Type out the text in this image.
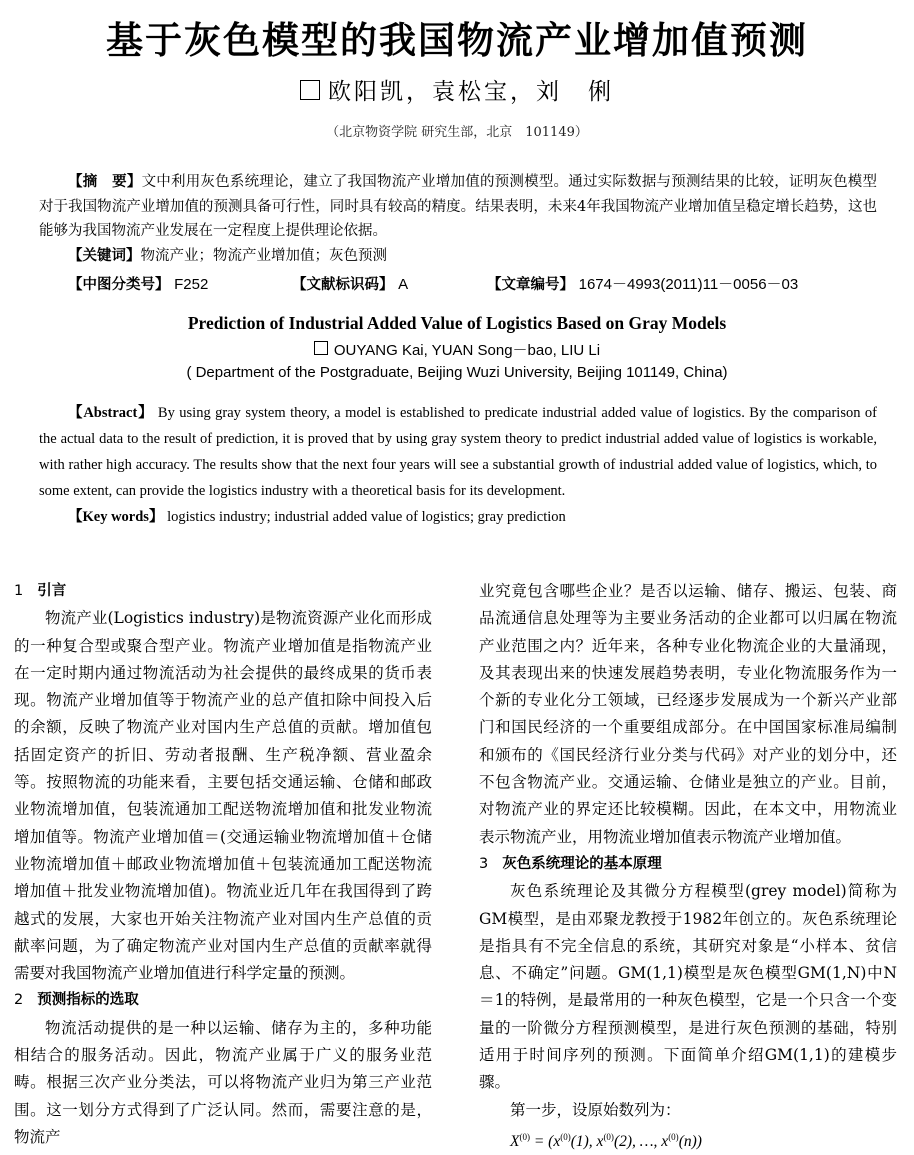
基于灰色模型的我国物流产业增加值预测
欧阳凯，袁松宝，刘　俐
（北京物资学院 研究生部，北京　101149）

【摘　要】文中利用灰色系统理论，建立了我国物流产业增加值的预测模型。通过实际数据与预测结果的比较，证明灰色模型对于我国物流产业增加值的预测具备可行性，同时具有较高的精度。结果表明，未来4年我国物流产业增加值呈稳定增长趋势，这也能够为我国物流产业发展在一定程度上提供理论依据。

【关键词】物流产业；物流产业增加值；灰色预测

【中图分类号】 F252	【文献标识码】 A	【文章编号】 1674－4993(2011)11－0056－03
Prediction of Industrial Added Value of Logistics Based on Gray Models
OUYANG Kai, YUAN Song－bao, LIU Li
( Department of the Postgraduate, Beijing Wuzi University, Beijing 101149, China)

【Abstract】 By using gray system theory, a model is established to predicate industrial added value of logistics. By the comparison of the actual data to the result of prediction, it is proved that by using gray system theory to predict industrial added value of logistics is workable, with rather high accuracy. The results show that the next four years will see a substantial growth of industrial added value of logistics, which, to some extent, can provide the logistics industry with a theoretical basis for its development.

【Key words】 logistics industry; industrial added value of logistics; gray prediction

1 引言

物流产业(Logistics industry)是物流资源产业化而形成的一种复合型或聚合型产业。物流产业增加值是指物流产业在一定时期内通过物流活动为社会提供的最终成果的货币表现。物流产业增加值等于物流产业的总产值扣除中间投入后的余额，反映了物流产业对国内生产总值的贡献。增加值包括固定资产的折旧、劳动者报酬、生产税净额、营业盈余等。按照物流的功能来看，主要包括交通运输、仓储和邮政业物流增加值，包装流通加工配送物流增加值和批发业物流增加值等。物流产业增加值＝(交通运输业物流增加值＋仓储业物流增加值＋邮政业物流增加值＋包装流通加工配送物流增加值＋批发业物流增加值)。物流业近几年在我国得到了跨越式的发展，大家也开始关注物流产业对国内生产总值的贡献率问题，为了确定物流产业对国内生产总值的贡献率就得需要对我国物流产业增加值进行科学定量的预测。

2 预测指标的选取

物流活动提供的是一种以运输、储存为主的，多种功能相结合的服务活动。因此，物流产业属于广义的服务业范畴。根据三次产业分类法，可以将物流产业归为第三产业范围。这一划分方式得到了广泛认同。然而，需要注意的是，物流产

业究竟包含哪些企业？是否以运输、储存、搬运、包装、商品流通信息处理等为主要业务活动的企业都可以归属在物流产业范围之内？近年来，各种专业化物流企业的大量涌现，及其表现出来的快速发展趋势表明，专业化物流服务作为一个新的专业化分工领域，已经逐步发展成为一个新兴产业部门和国民经济的一个重要组成部分。在中国国家标准局编制和颁布的《国民经济行业分类与代码》对产业的划分中，还不包含物流产业。交通运输、仓储业是独立的产业。目前，对物流产业的界定还比较模糊。因此，在本文中，用物流业表示物流产业，用物流业增加值表示物流产业增加值。

3 灰色系统理论的基本原理

灰色系统理论及其微分方程模型(grey model)简称为GM模型，是由邓聚龙教授于1982年创立的。灰色系统理论是指具有不完全信息的系统，其研究对象是“小样本、贫信息、不确定”问题。GM(1,1)模型是灰色模型GM(1,N)中N＝1的特例，是最常用的一种灰色模型，它是一个只含一个变量的一阶微分方程预测模型，是进行灰色预测的基础，特别适用于时间序列的预测。下面简单介绍GM(1,1)的建模步骤。

第一步，设原始数列为：

$X^{(0)} = (x^{(0)}(1)$, $x^{(0)}(2)$, …, $x^{(0)}(n)$)
